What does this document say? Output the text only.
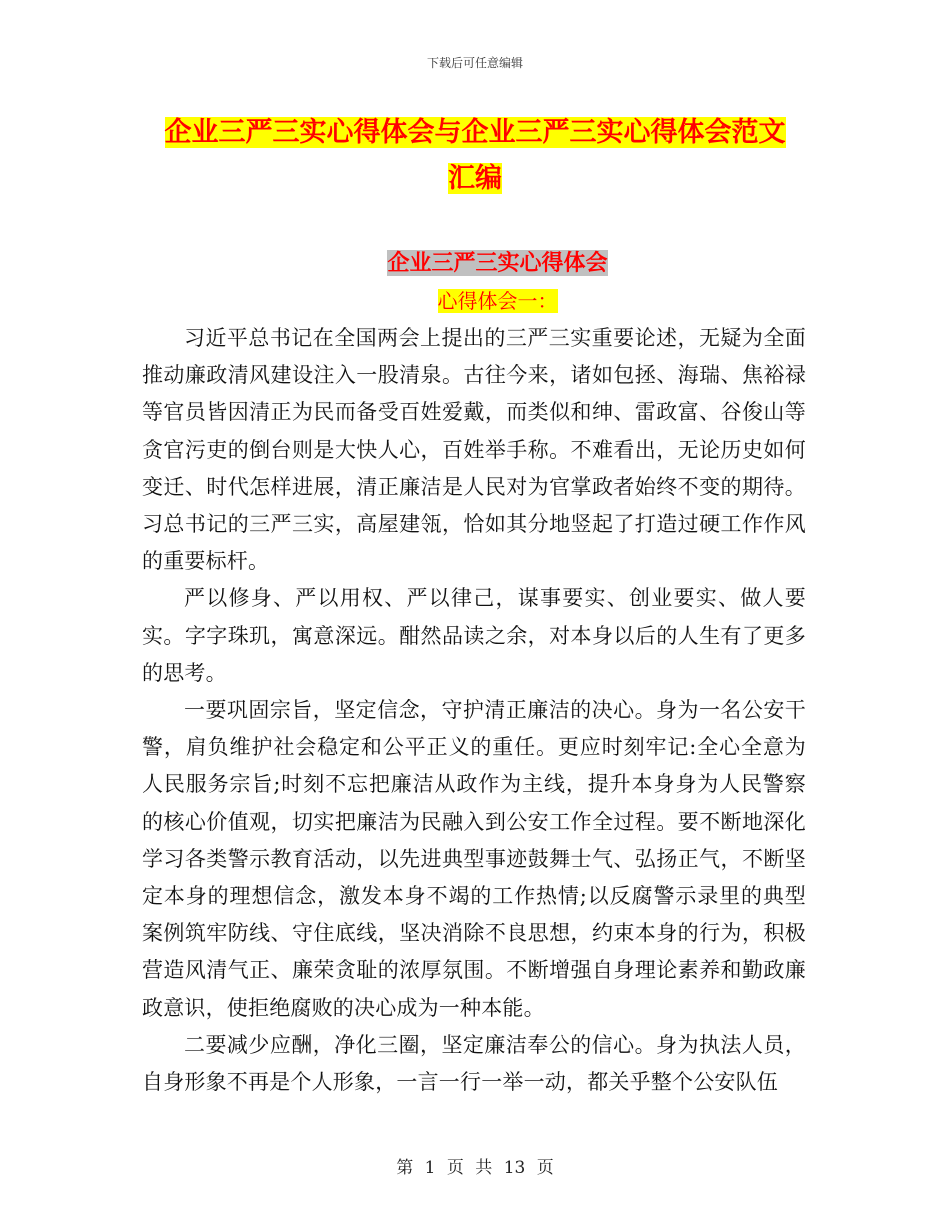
下载后可任意编辑
企业三严三实心得体会与企业三严三实心得体会范文
汇编
企业三严三实心得体会
心得体会一：

习近平总书记在全国两会上提出的三严三实重要论述，无疑为全面推动廉政清风建设注入一股清泉。古往今来，诸如包拯、海瑞、焦裕禄等官员皆因清正为民而备受百姓爱戴，而类似和绅、雷政富、谷俊山等贪官污吏的倒台则是大快人心，百姓举手称。不难看出，无论历史如何变迁、时代怎样进展，清正廉洁是人民对为官掌政者始终不变的期待。习总书记的三严三实，高屋建瓴，恰如其分地竖起了打造过硬工作作风的重要标杆。

严以修身、严以用权、严以律己，谋事要实、创业要实、做人要实。字字珠玑，寓意深远。酣然品读之余，对本身以后的人生有了更多的思考。

一要巩固宗旨，坚定信念，守护清正廉洁的决心。身为一名公安干警，肩负维护社会稳定和公平正义的重任。更应时刻牢记:全心全意为人民服务宗旨;时刻不忘把廉洁从政作为主线，提升本身身为人民警察的核心价值观，切实把廉洁为民融入到公安工作全过程。要不断地深化学习各类警示教育活动，以先进典型事迹鼓舞士气、弘扬正气，不断坚定本身的理想信念，激发本身不竭的工作热情;以反腐警示录里的典型案例筑牢防线、守住底线，坚决消除不良思想，约束本身的行为，积极营造风清气正、廉荣贪耻的浓厚氛围。不断增强自身理论素养和勤政廉政意识，使拒绝腐败的决心成为一种本能。

二要减少应酬，净化三圈，坚定廉洁奉公的信心。身为执法人员，自身形象不再是个人形象，一言一行一举一动，都关乎整个公安队伍

第 1 页 共 13 页
